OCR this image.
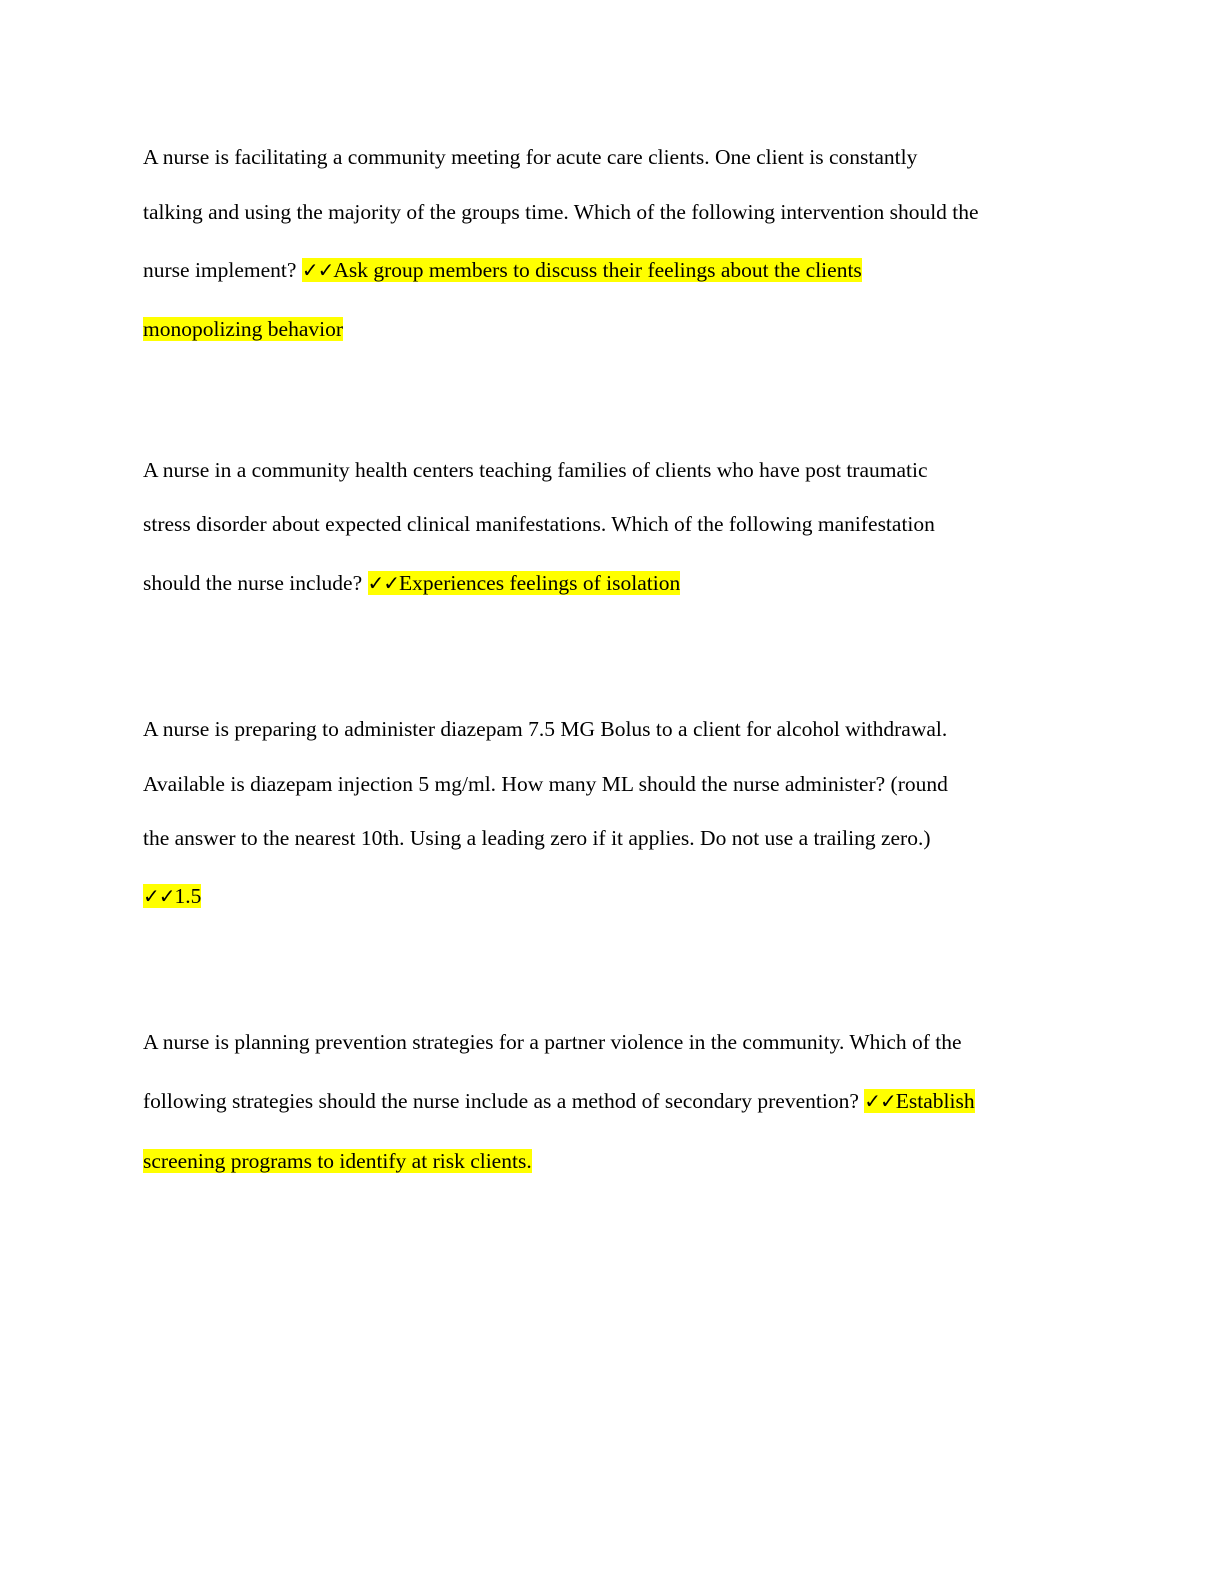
A nurse is facilitating a community meeting for acute care clients. One client is constantly
talking and using the majority of the groups time. Which of the following intervention should the
nurse implement? ✓✓Ask group members to discuss their feelings about the clients
monopolizing behavior
A nurse in a community health centers teaching families of clients who have post traumatic
stress disorder about expected clinical manifestations. Which of the following manifestation
should the nurse include? ✓✓Experiences feelings of isolation
A nurse is preparing to administer diazepam 7.5 MG Bolus to a client for alcohol withdrawal.
Available is diazepam injection 5 mg/ml. How many ML should the nurse administer? (round
the answer to the nearest 10th. Using a leading zero if it applies. Do not use a trailing zero.)
✓✓1.5
A nurse is planning prevention strategies for a partner violence in the community. Which of the
following strategies should the nurse include as a method of secondary prevention? ✓✓Establish
screening programs to identify at risk clients.
